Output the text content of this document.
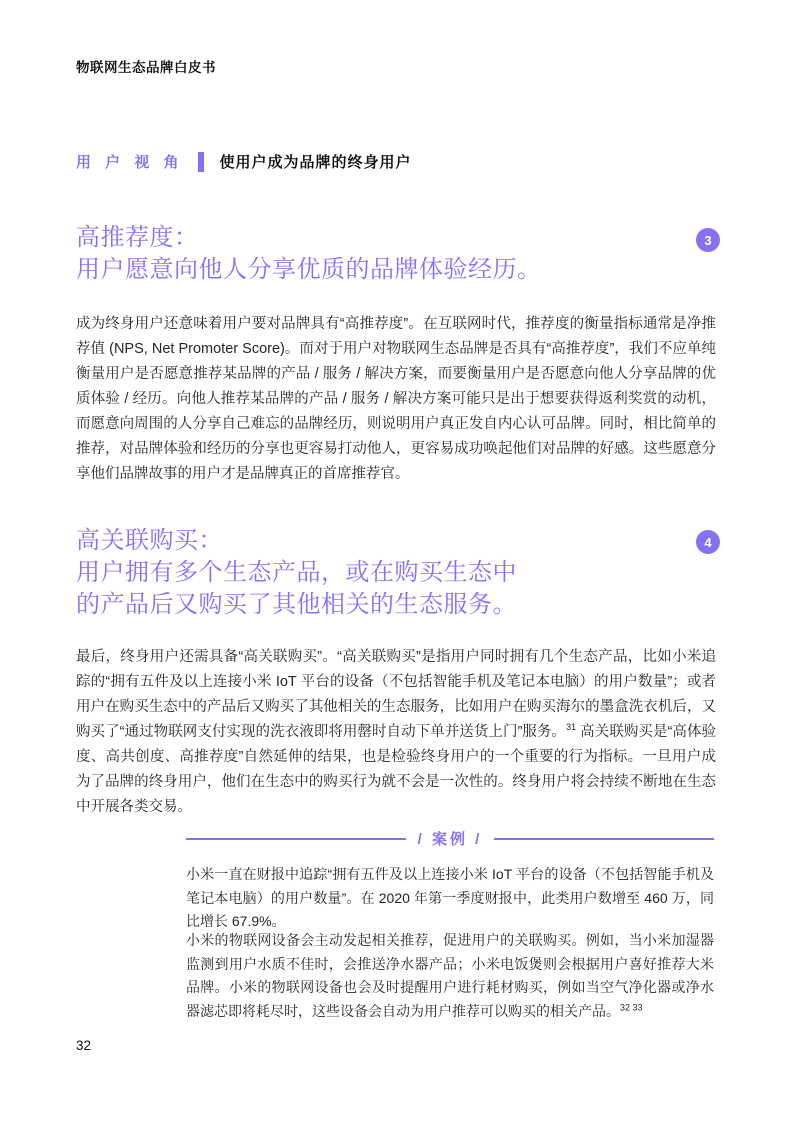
物联网生态品牌白皮书
用 户 视 角 使用户成为品牌的终身用户
高推荐度：
用户愿意向他人分享优质的品牌体验经历。
3

成为终身用户还意味着用户要对品牌具有“高推荐度”。在互联网时代，推荐度的衡量指标通常是净推荐值 (NPS, Net Promoter Score)。而对于用户对物联网生态品牌是否具有“高推荐度”，我们不应单纯衡量用户是否愿意推荐某品牌的产品 / 服务 / 解决方案，而要衡量用户是否愿意向他人分享品牌的优质体验 / 经历。向他人推荐某品牌的产品 / 服务 / 解决方案可能只是出于想要获得返利奖赏的动机，而愿意向周围的人分享自己难忘的品牌经历，则说明用户真正发自内心认可品牌。同时，相比简单的推荐，对品牌体验和经历的分享也更容易打动他人，更容易成功唤起他们对品牌的好感。这些愿意分享他们品牌故事的用户才是品牌真正的首席推荐官。

高关联购买：
用户拥有多个生态产品，或在购买生态中
的产品后又购买了其他相关的生态服务。
4

最后，终身用户还需具备“高关联购买”。“高关联购买”是指用户同时拥有几个生态产品，比如小米追踪的“拥有五件及以上连接小米 IoT 平台的设备（不包括智能手机及笔记本电脑）的用户数量”；或者用户在购买生态中的产品后又购买了其他相关的生态服务，比如用户在购买海尔的墨盒洗衣机后，又购买了“通过物联网支付实现的洗衣液即将用罄时自动下单并送货上门”服务。$^{31}$ 高关联购买是“高体验度、高共创度、高推荐度”自然延伸的结果，也是检验终身用户的一个重要的行为指标。一旦用户成为了品牌的终身用户，他们在生态中的购买行为就不会是一次性的。终身用户将会持续不断地在生态中开展各类交易。

/ 案例 /

小米一直在财报中追踪“拥有五件及以上连接小米 IoT 平台的设备（不包括智能手机及笔记本电脑）的用户数量”。在 2020 年第一季度财报中，此类用户数增至 460 万，同比增长 67.9%。

小米的物联网设备会主动发起相关推荐，促进用户的关联购买。例如，当小米加湿器监测到用户水质不佳时，会推送净水器产品；小米电饭煲则会根据用户喜好推荐大米品牌。小米的物联网设备也会及时提醒用户进行耗材购买，例如当空气净化器或净水器滤芯即将耗尽时，这些设备会自动为用户推荐可以购买的相关产品。$^{32 33}$

32
